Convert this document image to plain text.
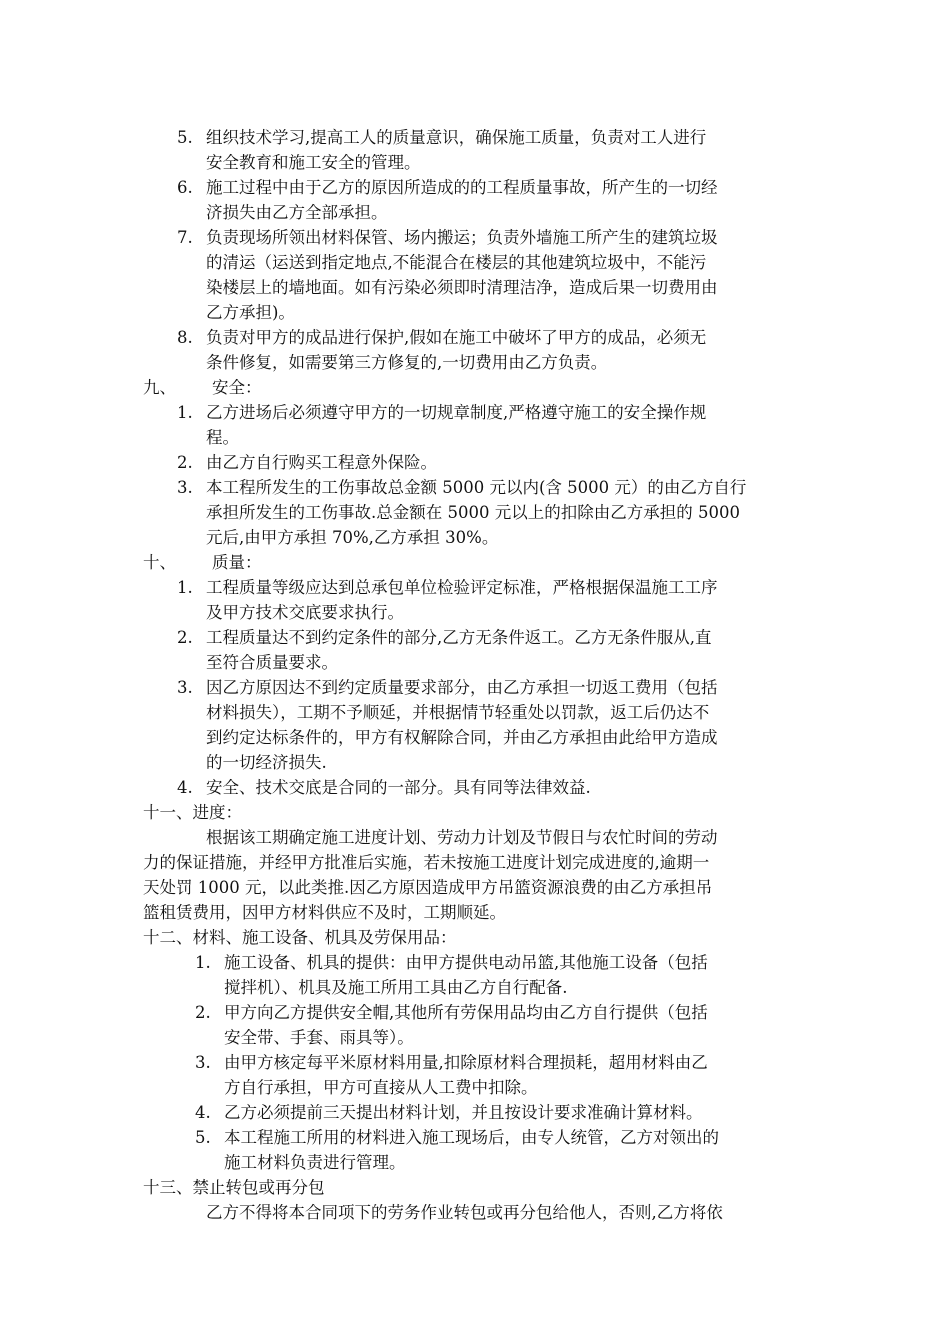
5. 组织技术学习,提高工人的质量意识，确保施工质量，负责对工人进行
安全教育和施工安全的管理。
6. 施工过程中由于乙方的原因所造成的的工程质量事故，所产生的一切经
济损失由乙方全部承担。
7. 负责现场所领出材料保管、场内搬运；负责外墙施工所产生的建筑垃圾
的清运（运送到指定地点,不能混合在楼层的其他建筑垃圾中，不能污
染楼层上的墙地面。如有污染必须即时清理洁净，造成后果一切费用由
乙方承担)。
8. 负责对甲方的成品进行保护,假如在施工中破坏了甲方的成品，必须无
条件修复，如需要第三方修复的,一切费用由乙方负责。
九、 安全：
1. 乙方进场后必须遵守甲方的一切规章制度,严格遵守施工的安全操作规
程。
2. 由乙方自行购买工程意外保险。
3. 本工程所发生的工伤事故总金额 5000 元以内(含 5000 元）的由乙方自行
承担所发生的工伤事故.总金额在 5000 元以上的扣除由乙方承担的 5000
元后,由甲方承担 70%,乙方承担 30%。
十、 质量：
1. 工程质量等级应达到总承包单位检验评定标准，严格根据保温施工工序
及甲方技术交底要求执行。
2. 工程质量达不到约定条件的部分,乙方无条件返工。乙方无条件服从,直
至符合质量要求。
3. 因乙方原因达不到约定质量要求部分，由乙方承担一切返工费用（包括
材料损失），工期不予顺延，并根据情节轻重处以罚款，返工后仍达不
到约定达标条件的，甲方有权解除合同，并由乙方承担由此给甲方造成
的一切经济损失.
4. 安全、技术交底是合同的一部分。具有同等法律效益.
十一、进度：
根据该工期确定施工进度计划、劳动力计划及节假日与农忙时间的劳动
力的保证措施，并经甲方批准后实施，若未按施工进度计划完成进度的,逾期一
天处罚 1000 元，以此类推.因乙方原因造成甲方吊篮资源浪费的由乙方承担吊
篮租赁费用，因甲方材料供应不及时，工期顺延。
十二、材料、施工设备、机具及劳保用品：
1. 施工设备、机具的提供：由甲方提供电动吊篮,其他施工设备（包括
搅拌机）、机具及施工所用工具由乙方自行配备.
2. 甲方向乙方提供安全帽,其他所有劳保用品均由乙方自行提供（包括
安全带、手套、雨具等）。
3. 由甲方核定每平米原材料用量,扣除原材料合理损耗，超用材料由乙
方自行承担，甲方可直接从人工费中扣除。
4. 乙方必须提前三天提出材料计划，并且按设计要求准确计算材料。
5. 本工程施工所用的材料进入施工现场后，由专人统管，乙方对领出的
施工材料负责进行管理。
十三、禁止转包或再分包
乙方不得将本合同项下的劳务作业转包或再分包给他人，否则,乙方将依
